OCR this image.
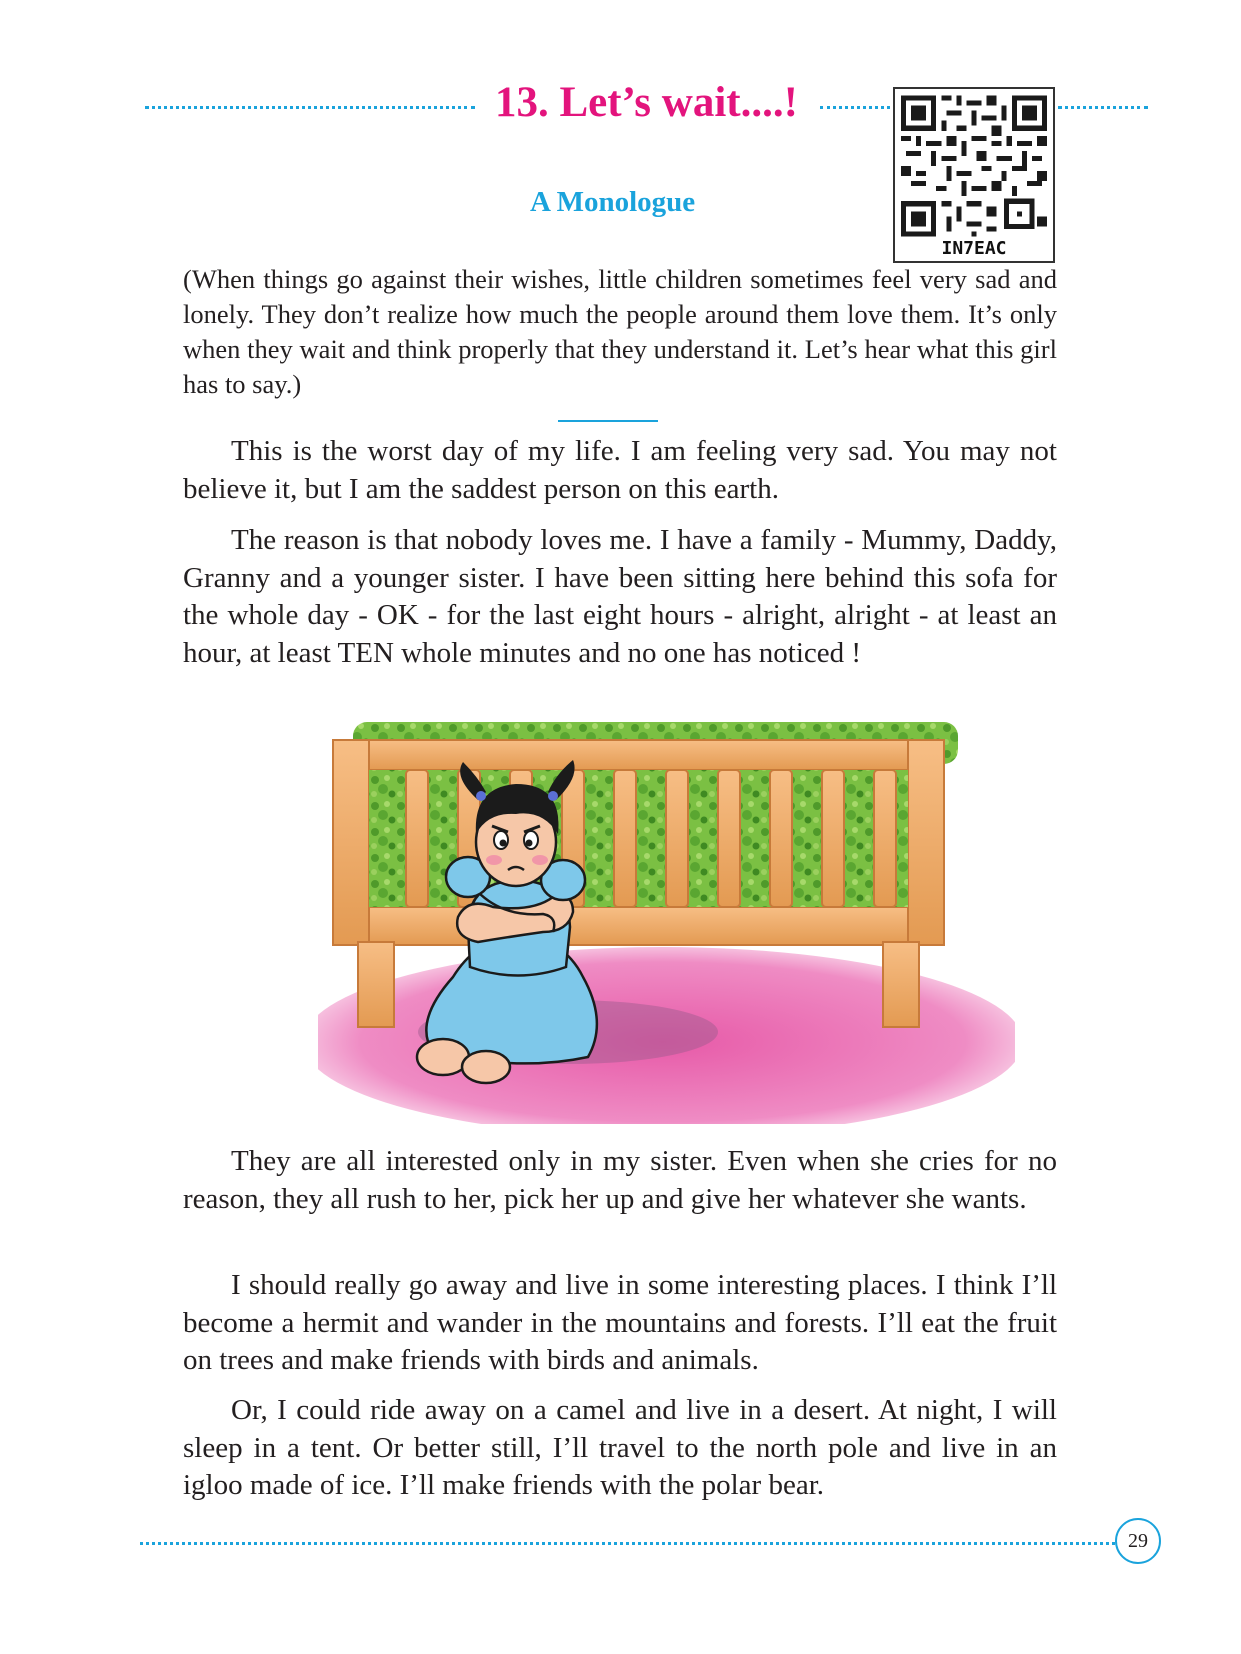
13. Let’s wait....!
IN7EAC
A Monologue

(When things go against their wishes, little children sometimes feel very sad and lonely. They don’t realize how much the people around them love them. It’s only when they wait and think properly that they understand it. Let’s hear what this girl has to say.)

This is the worst day of my life. I am feeling very sad. You may not believe it, but I am the saddest person on this earth.

The reason is that nobody loves me. I have a family - Mummy, Daddy, Granny and a younger sister. I have been sitting here behind this sofa for the whole day - OK - for the last eight hours - alright, alright - at least an hour, at least TEN whole minutes and no one has noticed !

They are all interested only in my sister. Even when she cries for no reason, they all rush to her, pick her up and give her whatever she wants.

I should really go away and live in some interesting places. I think I’ll become a hermit and wander in the mountains and forests. I’ll eat the fruit on trees and make friends with birds and animals.

Or, I could ride away on a camel and live in a desert. At night, I will sleep in a tent. Or better still, I’ll travel to the north pole and live in an igloo made of ice. I’ll make friends with the polar bear.

29
